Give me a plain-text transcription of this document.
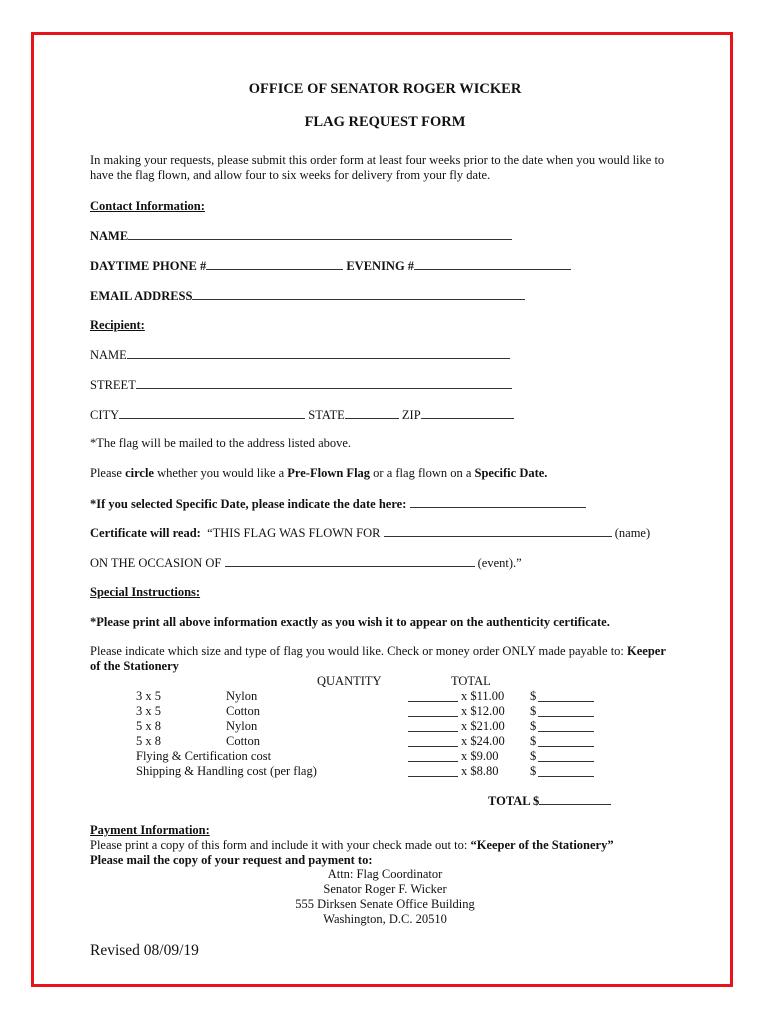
OFFICE OF SENATOR ROGER WICKER
FLAG REQUEST FORM
In making your requests, please submit this order form at least four weeks prior to the date when you would like to
have the flag flown, and allow four to six weeks for delivery from your fly date.
Contact Information:
NAME
DAYTIME PHONE #	EVENING #
EMAIL ADDRESS
Recipient:
NAME
STREET
CITY	STATE	ZIP
*The flag will be mailed to the address listed above.
Please circle whether you would like a Pre-Flown Flag or a flag flown on a Specific Date.
*If you selected Specific Date, please indicate the date here:
Certificate will read: “THIS FLAG WAS FLOWN FOR	(name)
ON THE OCCASION OF	(event).”
Special Instructions:
*Please print all above information exactly as you wish it to appear on the authenticity certificate.
Please indicate which size and type of flag you would like. Check or money order ONLY made payable to: Keeper
of the Stationery
QUANTITY	TOTAL
3 x 5	Nylon	x $11.00 $
3 x 5	Cotton	x $12.00 $
5 x 8	Nylon	x $21.00 $
5 x 8	Cotton	x $24.00 $
Flying & Certification cost	x $9.00	$
Shipping & Handling cost (per flag)	x $8.80	$
TOTAL $
Payment Information:
Please print a copy of this form and include it with your check made out to: “Keeper of the Stationery”
Please mail the copy of your request and payment to:
Attn: Flag Coordinator
Senator Roger F. Wicker
555 Dirksen Senate Office Building
Washington, D.C. 20510
Revised 08/09/19
